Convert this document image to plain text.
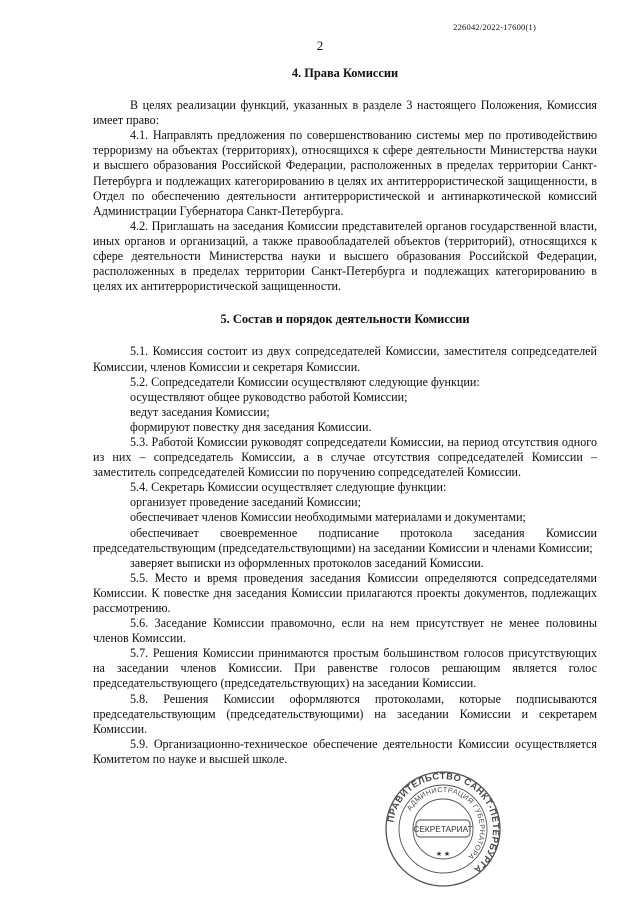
226042/2022-17600(1)
2
4. Права Комиссии

В целях реализации функций, указанных в разделе 3 настоящего Положения, Комиссия имеет право:

4.1. Направлять предложения по совершенствованию системы мер по противодействию терроризму на объектах (территориях), относящихся к сфере деятельности Министерства науки и высшего образования Российской Федерации, расположенных в пределах территории Санкт-Петербурга и подлежащих категорированию в целях их антитеррористической защищенности, в Отдел по обеспечению деятельности антитеррористической и антинаркотической комиссий Администрации Губернатора Санкт-Петербурга.

4.2. Приглашать на заседания Комиссии представителей органов государственной власти, иных органов и организаций, а также правообладателей объектов (территорий), относящихся к сфере деятельности Министерства науки и высшего образования Российской Федерации, расположенных в пределах территории Санкт-Петербурга и подлежащих категорированию в целях их антитеррористической защищенности.

5. Состав и порядок деятельности Комиссии

5.1. Комиссия состоит из двух сопредседателей Комиссии, заместителя сопредседателей Комиссии, членов Комиссии и секретаря Комиссии.

5.2. Сопредседатели Комиссии осуществляют следующие функции:

осуществляют общее руководство работой Комиссии;

ведут заседания Комиссии;

формируют повестку дня заседания Комиссии.

5.3. Работой Комиссии руководят сопредседатели Комиссии, на период отсутствия одного из них – сопредседатель Комиссии, а в случае отсутствия сопредседателей Комиссии – заместитель сопредседателей Комиссии по поручению сопредседателей Комиссии.

5.4. Секретарь Комиссии осуществляет следующие функции:

организует проведение заседаний Комиссии;

обеспечивает членов Комиссии необходимыми материалами и документами;

обеспечивает своевременное подписание протокола заседания Комиссии председательствующим (председательствующими) на заседании Комиссии и членами Комиссии;

заверяет выписки из оформленных протоколов заседаний Комиссии.

5.5. Место и время проведения заседания Комиссии определяются сопредседателями Комиссии. К повестке дня заседания Комиссии прилагаются проекты документов, подлежащих рассмотрению.

5.6. Заседание Комиссии правомочно, если на нем присутствует не менее половины членов Комиссии.

5.7. Решения Комиссии принимаются простым большинством голосов присутствующих на заседании членов Комиссии. При равенстве голосов решающим является голос председательствующего (председательствующих) на заседании Комиссии.

5.8. Решения Комиссии оформляются протоколами, которые подписываются председательствующим (председательствующими) на заседании Комиссии и секретарем Комиссии.

5.9. Организационно-техническое обеспечение деятельности Комиссии осуществляется Комитетом по науке и высшей школе.

ПРАВИТЕЛЬСТВО САНКТ-ПЕТЕРБУРГА
АДМИНИСТРАЦИЯ ГУБЕРНАТОРА
СЕКРЕТАРИАТ
★ ★
